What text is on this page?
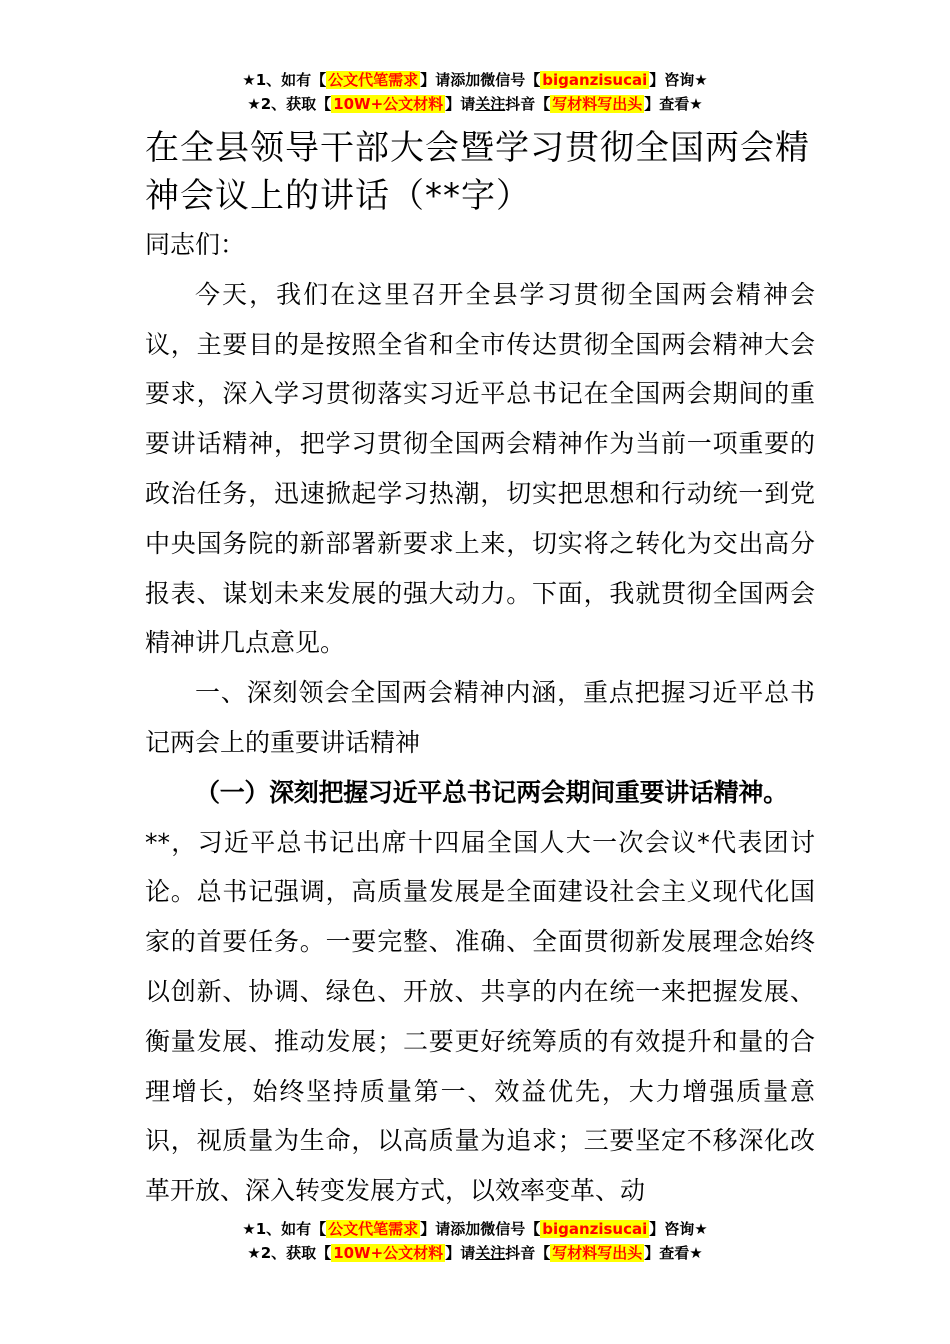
★1、如有【 公文代笔需求 】请添加微信号【 biganzisucai 】咨询★
★2、获取【 10W+公文材料 】请关注抖音【 写材料写出头 】查看★
在全县领导干部大会暨学习贯彻全国两会精神会议上的讲话（**字）

同志们：

今天，我们在这里召开全县学习贯彻全国两会精神会议，主要目的是按照全省和全市传达贯彻全国两会精神大会要求，深入学习贯彻落实习近平总书记在全国两会期间的重要讲话精神，把学习贯彻全国两会精神作为当前一项重要的政治任务，迅速掀起学习热潮，切实把思想和行动统一到党中央国务院的新部署新要求上来，切实将之转化为交出高分报表、谋划未来发展的强大动力。下面，我就贯彻全国两会精神讲几点意见。

一、深刻领会全国两会精神内涵，重点把握习近平总书记两会上的重要讲话精神

（一）深刻把握习近平总书记两会期间重要讲话精神。

**，习近平总书记出席十四届全国人大一次会议*代表团讨论。总书记强调，高质量发展是全面建设社会主义现代化国家的首要任务。一要完整、准确、全面贯彻新发展理念始终以创新、协调、绿色、开放、共享的内在统一来把握发展、衡量发展、推动发展；二要更好统筹质的有效提升和量的合理增长，始终坚持质量第一、效益优先，大力增强质量意识，视质量为生命，以高质量为追求；三要坚定不移深化改革开放、深入转变发展方式，以效率变革、动

★1、如有【 公文代笔需求 】请添加微信号【 biganzisucai 】咨询★
★2、获取【 10W+公文材料 】请关注抖音【 写材料写出头 】查看★
